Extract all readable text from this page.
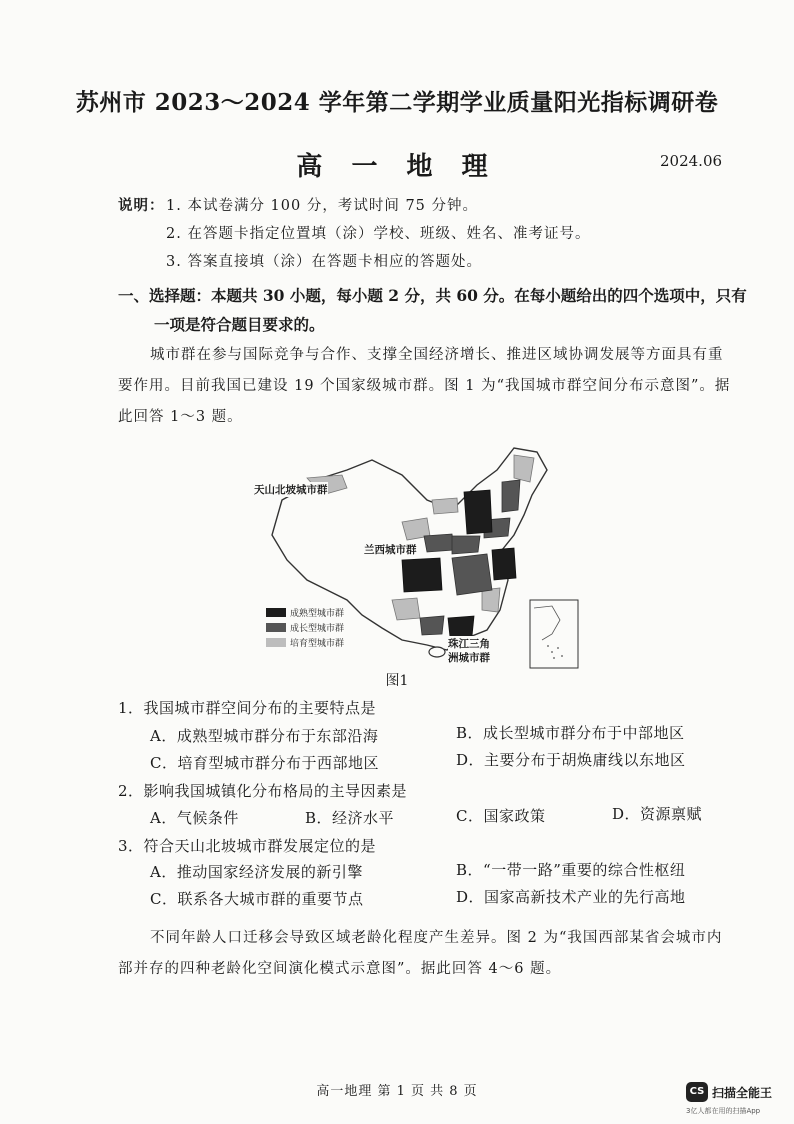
苏州市 2023～2024 学年第二学期学业质量阳光指标调研卷
高 一 地 理	2024.06
说明： 1. 本试卷满分 100 分，考试时间 75 分钟。
2. 在答题卡指定位置填（涂）学校、班级、姓名、准考证号。
3. 答案直接填（涂）在答题卡相应的答题处。
一、选择题：本题共 30 小题，每小题 2 分，共 60 分。在每小题给出的四个选项中，只有
一项是符合题目要求的。
城市群在参与国际竞争与合作、支撑全国经济增长、推进区域协调发展等方面具有重
要作用。目前我国已建设 19 个国家级城市群。图 1 为“我国城市群空间分布示意图”。据
此回答 1～3 题。
成熟型城市群
成长型城市群
培育型城市群
天山北坡城市群
兰西城市群
珠江三角
洲城市群
图1
1．我国城市群空间分布的主要特点是
A．成熟型城市群分布于东部沿海	B．成长型城市群分布于中部地区
C．培育型城市群分布于西部地区	D．主要分布于胡焕庸线以东地区
2．影响我国城镇化分布格局的主导因素是
A．气候条件	B．经济水平	C．国家政策	D．资源禀赋
3．符合天山北坡城市群发展定位的是
A．推动国家经济发展的新引擎	B．“一带一路”重要的综合性枢纽
C．联系各大城市群的重要节点	D．国家高新技术产业的先行高地
不同年龄人口迁移会导致区域老龄化程度产生差异。图 2 为“我国西部某省会城市内
部并存的四种老龄化空间演化模式示意图”。据此回答 4～6 题。
高一地理 第 1 页 共 8 页	CS 扫描全能王
3亿人都在用的扫描App
